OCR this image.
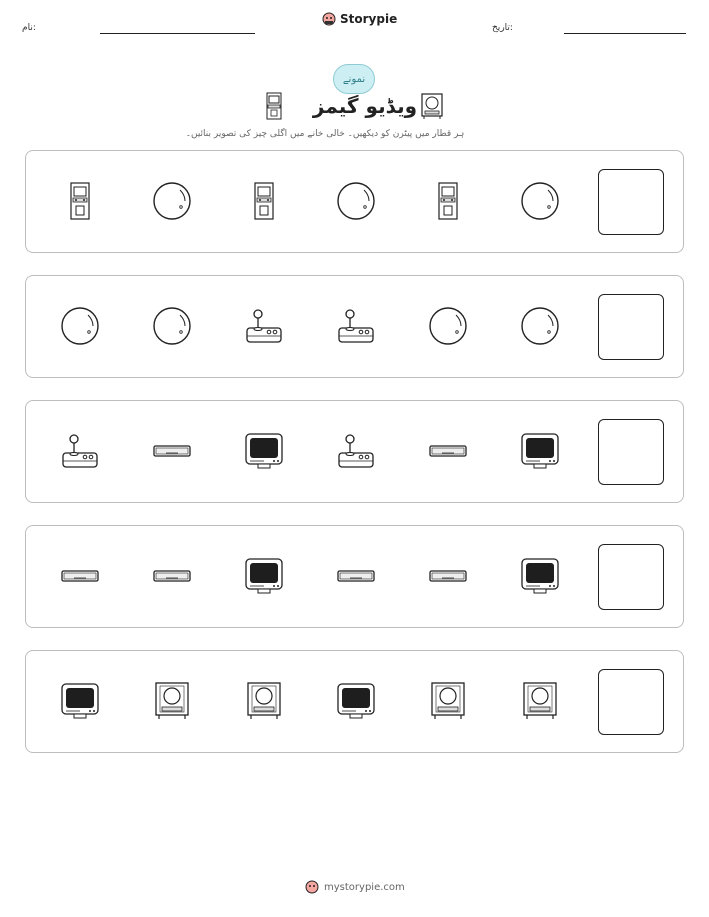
نام:
Storypie
تاریخ:
نمونے
ویڈیو گیمز
ہر قطار میں پیٹرن کو دیکھیں۔ خالی خانے میں اگلی چیز کی تصویر بنائیں۔
mystorypie.com
